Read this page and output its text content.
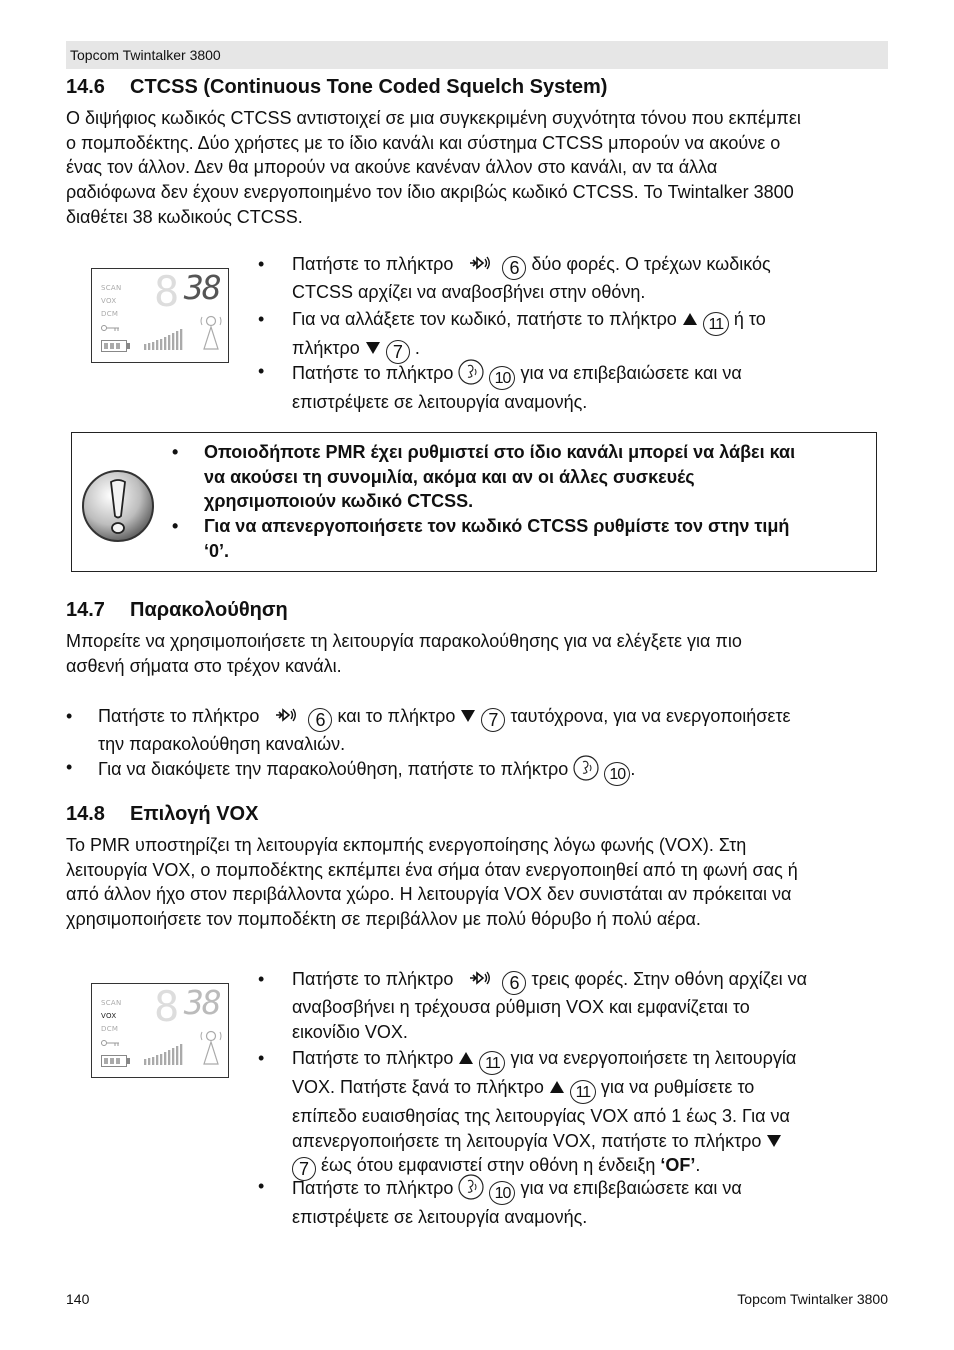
Topcom Twintalker 3800
14.6 CTCSS (Continuous Tone Coded Squelch System)
Ο διψήφιος κωδικός CTCSS αντιστοιχεί σε μια συγκεκριμένη συχνότητα τόνου που εκπέμπει
ο πομποδέκτης. Δύο χρήστες με το ίδιο κανάλι και σύστημα CTCSS μπορούν να ακούνε ο
ένας τον άλλον. Δεν θα μπορούν να ακούνε κανέναν άλλον στο κανάλι, αν τα άλλα
ραδιόφωνα δεν έχουν ενεργοποιημένο τον ίδιο ακριβώς κωδικό CTCSS. Το Twintalker 3800
διαθέτει 38 κωδικούς CTCSS.
SCAN
VOX
DCM 8 38
• Πατήστε το πλήκτρο	6 δύο φορές. Ο τρέχων κωδικός
CTCSS αρχίζει να αναβοσβήνει στην οθόνη.
• Για να αλλάξετε τον κωδικό, πατήστε το πλήκτρο 11 ή το
πλήκτρο 7 .
• Πατήστε το πλήκτρο	10 για να επιβεβαιώσετε και να
επιστρέψετε σε λειτουργία αναμονής.
• Οποιοδήποτε PMR έχει ρυθμιστεί στο ίδιο κανάλι μπορεί να λάβει και
να ακούσει τη συνομιλία, ακόμα και αν οι άλλες συσκευές
χρησιμοποιούν κωδικό CTCSS.
• Για να απενεργοποιήσετε τον κωδικό CTCSS ρυθμίστε τον στην τιμή
‘0’.
14.7 Παρακολούθηση
Μπορείτε να χρησιμοποιήσετε τη λειτουργία παρακολούθησης για να ελέγξετε για πιο
ασθενή σήματα στο τρέχον κανάλι.
• Πατήστε το πλήκτρο	6 και το πλήκτρο 7 ταυτόχρονα, για να ενεργοποιήσετε
την παρακολούθηση καναλιών.
• Για να διακόψετε την παρακολούθηση, πατήστε το πλήκτρο	10 .
14.8 Επιλογή VOX
Το PMR υποστηρίζει τη λειτουργία εκπομπής ενεργοποίησης λόγω φωνής (VOX). Στη
λειτουργία VOX, ο πομποδέκτης εκπέμπει ένα σήμα όταν ενεργοποιηθεί από τη φωνή σας ή
από άλλον ήχο στον περιβάλλοντα χώρο. Η λειτουργία VOX δεν συνιστάται αν πρόκειται να
χρησιμοποιήσετε τον πομποδέκτη σε περιβάλλον με πολύ θόρυβο ή πολύ αέρα.
SCAN
VOX
DCM 8 38
• Πατήστε το πλήκτρο	6 τρεις φορές. Στην οθόνη αρχίζει να
αναβοσβήνει η τρέχουσα ρύθμιση VOX και εμφανίζεται το
εικονίδιο VOX.
• Πατήστε το πλήκτρο 11 για να ενεργοποιήσετε τη λειτουργία
VOX. Πατήστε ξανά το πλήκτρο 11 για να ρυθμίσετε το
επίπεδο ευαισθησίας της λειτουργίας VOX από 1 έως 3. Για να
απενεργοποιήσετε τη λειτουργία VOX, πατήστε το πλήκτρο
7 έως ότου εμφανιστεί στην οθόνη η ένδειξη ‘OF’.
• Πατήστε το πλήκτρο	10 για να επιβεβαιώσετε και να
επιστρέψετε σε λειτουργία αναμονής.
140	Topcom Twintalker 3800
